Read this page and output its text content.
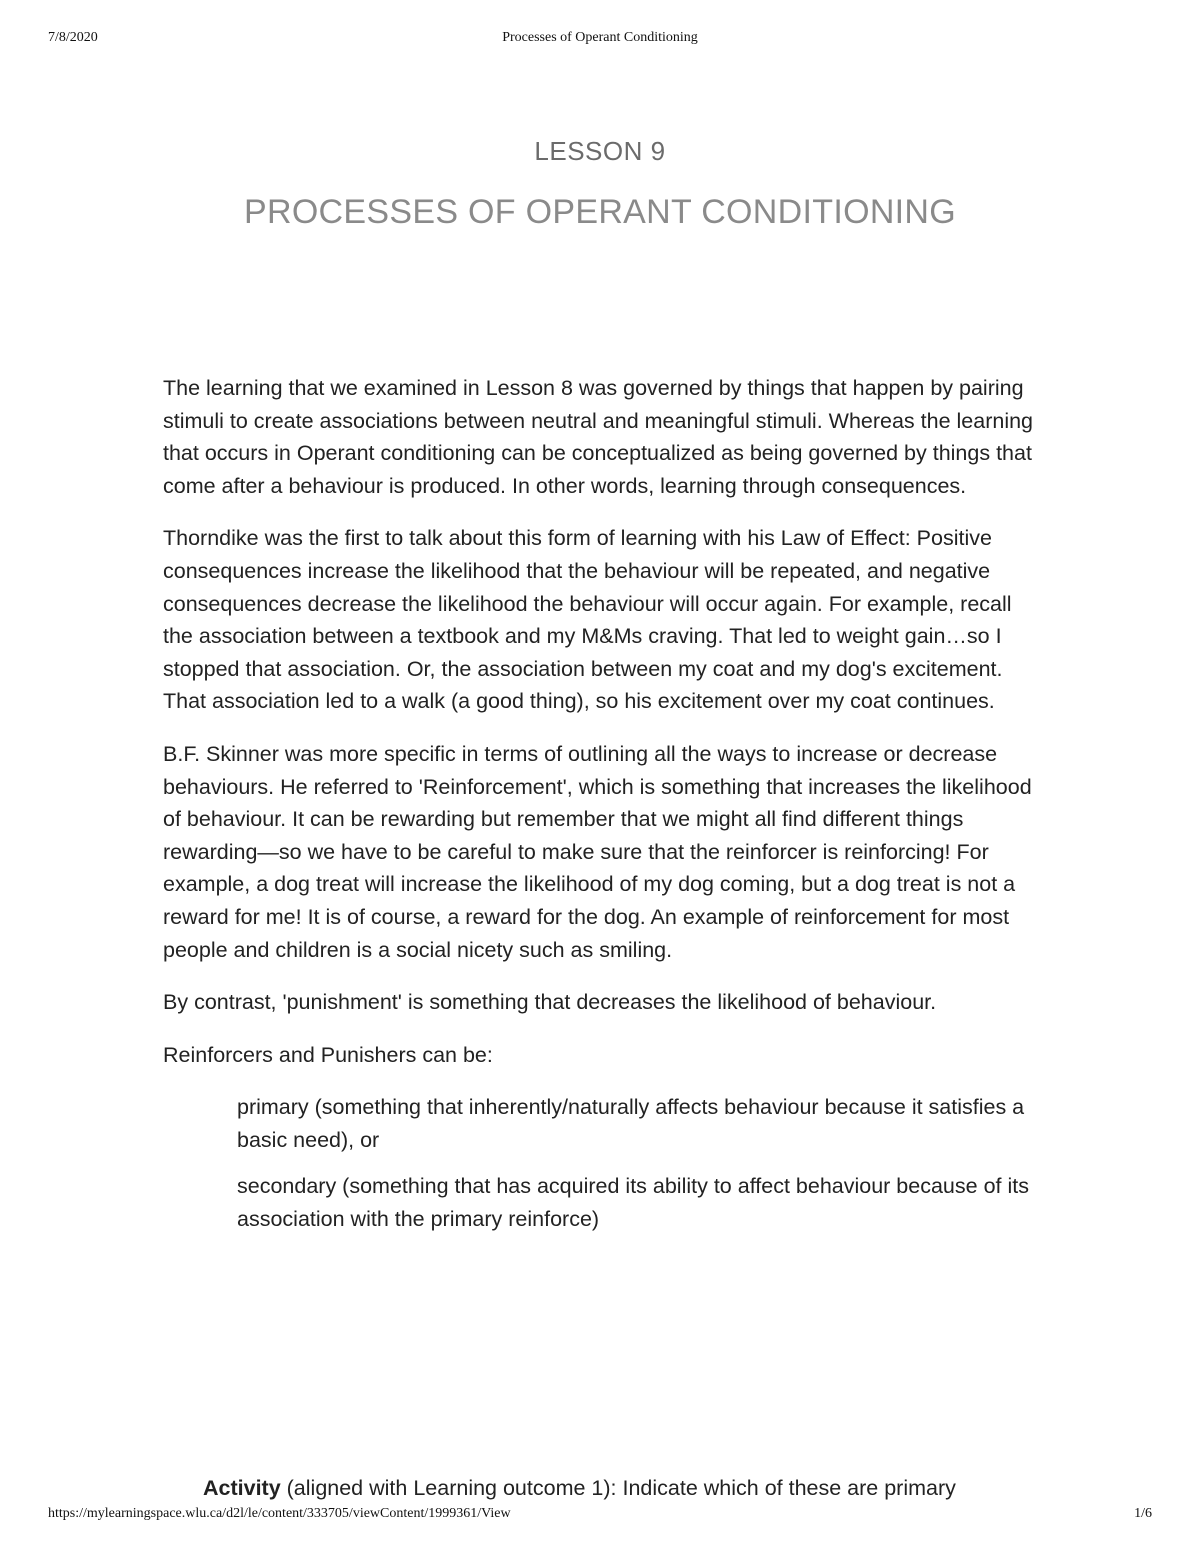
7/8/2020	Processes of Operant Conditioning
LESSON 9
PROCESSES OF OPERANT CONDITIONING

The learning that we examined in Lesson 8 was governed by things that happen by pairing stimuli to create associations between neutral and meaningful stimuli. Whereas the learning that occurs in Operant conditioning can be conceptualized as being governed by things that come after a behaviour is produced. In other words, learning through consequences.

Thorndike was the first to talk about this form of learning with his Law of Effect: Positive consequences increase the likelihood that the behaviour will be repeated, and negative consequences decrease the likelihood the behaviour will occur again. For example, recall the association between a textbook and my M&Ms craving. That led to weight gain…so I stopped that association. Or, the association between my coat and my dog's excitement. That association led to a walk (a good thing), so his excitement over my coat continues.

B.F. Skinner was more specific in terms of outlining all the ways to increase or decrease behaviours. He referred to 'Reinforcement', which is something that increases the likelihood of behaviour. It can be rewarding but remember that we might all find different things rewarding—so we have to be careful to make sure that the reinforcer is reinforcing! For example, a dog treat will increase the likelihood of my dog coming, but a dog treat is not a reward for me! It is of course, a reward for the dog. An example of reinforcement for most people and children is a social nicety such as smiling.

By contrast, 'punishment' is something that decreases the likelihood of behaviour.

Reinforcers and Punishers can be:

primary (something that inherently/naturally affects behaviour because it satisfies a basic need), or
secondary (something that has acquired its ability to affect behaviour because of its association with the primary reinforce)
Activity (aligned with Learning outcome 1): Indicate which of these are primary
https://mylearningspace.wlu.ca/d2l/le/content/333705/viewContent/1999361/View	1/6
